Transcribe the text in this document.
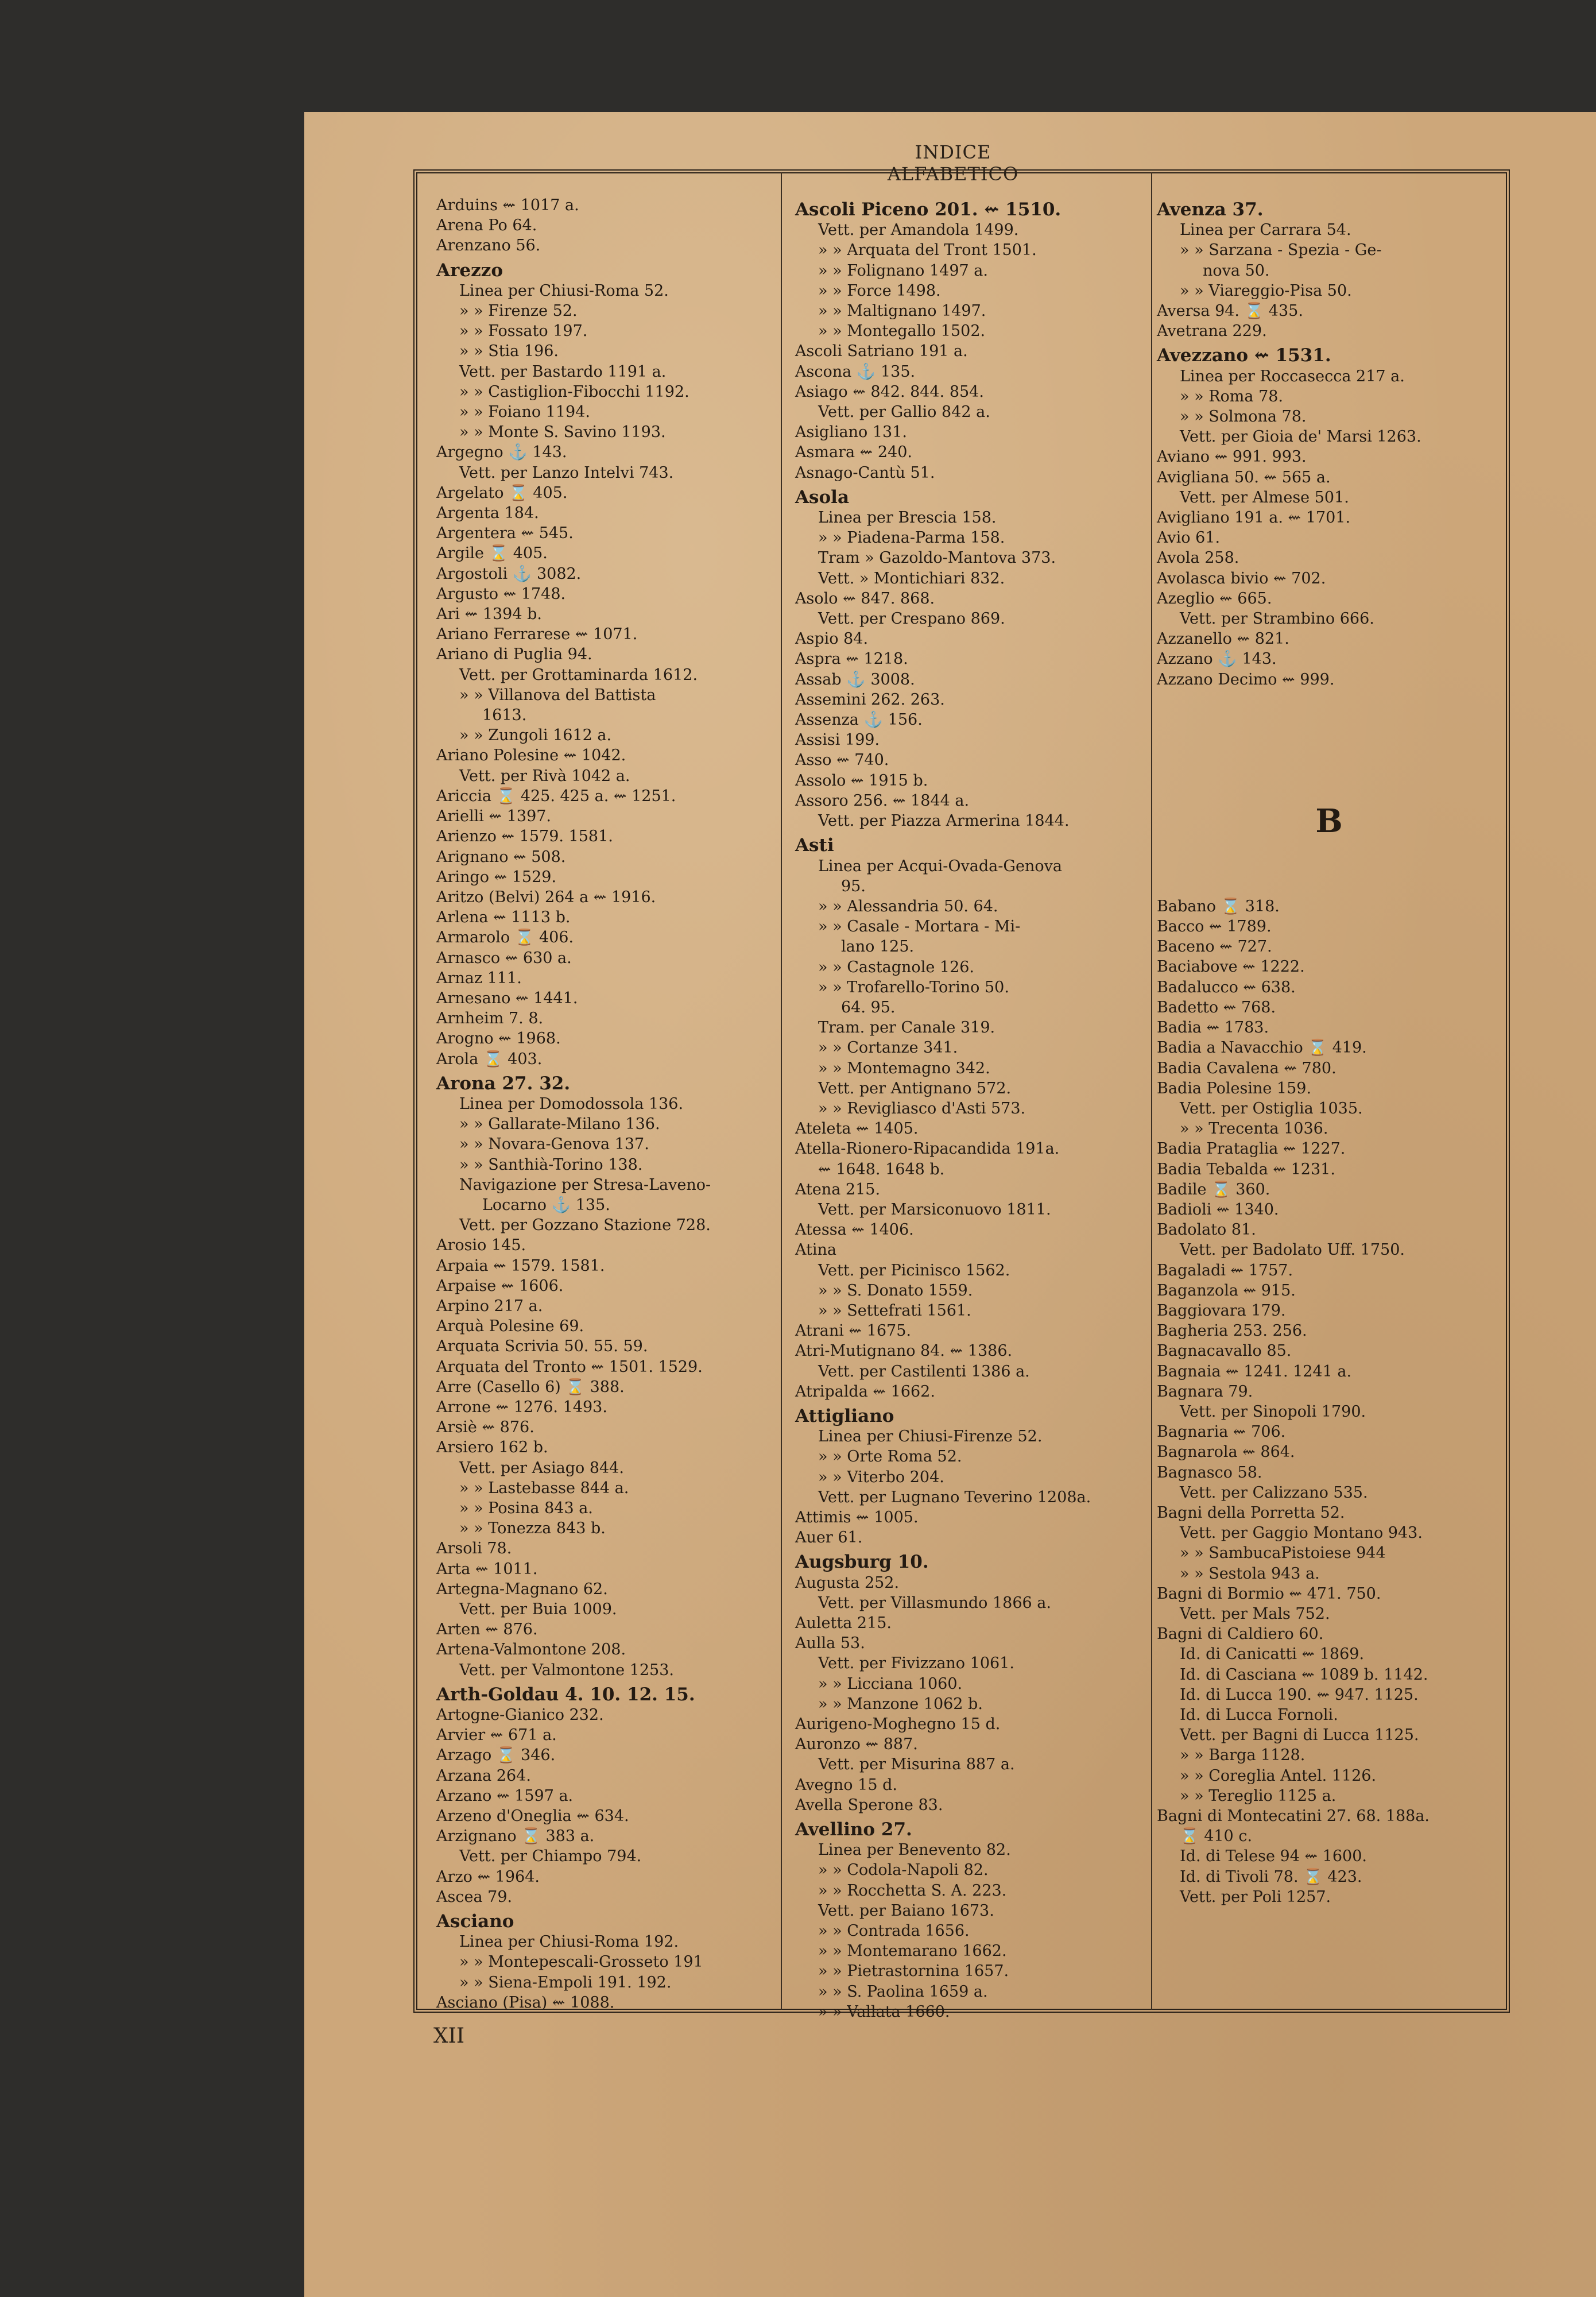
INDICE ALFABETICO
Arduins ⇜ 1017 a.
Arena Po 64.
Arenzano 56.
Arezzo
Linea per Chiusi-Roma 52.
» » Firenze 52.
» » Fossato 197.
» » Stia 196.
Vett. per Bastardo 1191 a.
» » Castiglion-Fibocchi 1192.
» » Foiano 1194.
» » Monte S. Savino 1193.
Argegno ⚓ 143.
Vett. per Lanzo Intelvi 743.
Argelato ⌛ 405.
Argenta 184.
Argentera ⇜ 545.
Argile ⌛ 405.
Argostoli ⚓ 3082.
Argusto ⇜ 1748.
Ari ⇜ 1394 b.
Ariano Ferrarese ⇜ 1071.
Ariano di Puglia 94.
Vett. per Grottaminarda 1612.
» » Villanova del Battista
1613.
» » Zungoli 1612 a.
Ariano Polesine ⇜ 1042.
Vett. per Rivà 1042 a.
Ariccia ⌛ 425. 425 a. ⇜ 1251.
Arielli ⇜ 1397.
Arienzo ⇜ 1579. 1581.
Arignano ⇜ 508.
Aringo ⇜ 1529.
Aritzo (Belvi) 264 a ⇜ 1916.
Arlena ⇜ 1113 b.
Armarolo ⌛ 406.
Arnasco ⇜ 630 a.
Arnaz 111.
Arnesano ⇜ 1441.
Arnheim 7. 8.
Arogno ⇜ 1968.
Arola ⌛ 403.
Arona 27. 32.
Linea per Domodossola 136.
» » Gallarate-Milano 136.
» » Novara-Genova 137.
» » Santhià-Torino 138.
Navigazione per Stresa-Laveno-
Locarno ⚓ 135.
Vett. per Gozzano Stazione 728.
Arosio 145.
Arpaia ⇜ 1579. 1581.
Arpaise ⇜ 1606.
Arpino 217 a.
Arquà Polesine 69.
Arquata Scrivia 50. 55. 59.
Arquata del Tronto ⇜ 1501. 1529.
Arre (Casello 6) ⌛ 388.
Arrone ⇜ 1276. 1493.
Arsiè ⇜ 876.
Arsiero 162 b.
Vett. per Asiago 844.
» » Lastebasse 844 a.
» » Posina 843 a.
» » Tonezza 843 b.
Arsoli 78.
Arta ⇜ 1011.
Artegna-Magnano 62.
Vett. per Buia 1009.
Arten ⇜ 876.
Artena-Valmontone 208.
Vett. per Valmontone 1253.
Arth-Goldau 4. 10. 12. 15.
Artogne-Gianico 232.
Arvier ⇜ 671 a.
Arzago ⌛ 346.
Arzana 264.
Arzano ⇜ 1597 a.
Arzeno d'Oneglia ⇜ 634.
Arzignano ⌛ 383 a.
Vett. per Chiampo 794.
Arzo ⇜ 1964.
Ascea 79.
Asciano
Linea per Chiusi-Roma 192.
» » Montepescali-Grosseto 191
» » Siena-Empoli 191. 192.
Asciano (Pisa) ⇜ 1088.
Ascoli Piceno 201. ⇜ 1510.
Vett. per Amandola 1499.
» » Arquata del Tront 1501.
» » Folignano 1497 a.
» » Force 1498.
» » Maltignano 1497.
» » Montegallo 1502.
Ascoli Satriano 191 a.
Ascona ⚓ 135.
Asiago ⇜ 842. 844. 854.
Vett. per Gallio 842 a.
Asigliano 131.
Asmara ⇜ 240.
Asnago-Cantù 51.
Asola
Linea per Brescia 158.
» » Piadena-Parma 158.
Tram » Gazoldo-Mantova 373.
Vett. » Montichiari 832.
Asolo ⇜ 847. 868.
Vett. per Crespano 869.
Aspio 84.
Aspra ⇜ 1218.
Assab ⚓ 3008.
Assemini 262. 263.
Assenza ⚓ 156.
Assisi 199.
Asso ⇜ 740.
Assolo ⇜ 1915 b.
Assoro 256. ⇜ 1844 a.
Vett. per Piazza Armerina 1844.
Asti
Linea per Acqui-Ovada-Genova
95.
» » Alessandria 50. 64.
» » Casale - Mortara - Mi-
lano 125.
» » Castagnole 126.
» » Trofarello-Torino 50.
64. 95.
Tram. per Canale 319.
» » Cortanze 341.
» » Montemagno 342.
Vett. per Antignano 572.
» » Revigliasco d'Asti 573.
Ateleta ⇜ 1405.
Atella-Rionero-Ripacandida 191a.
⇜ 1648. 1648 b.
Atena 215.
Vett. per Marsiconuovo 1811.
Atessa ⇜ 1406.
Atina
Vett. per Picinisco 1562.
» » S. Donato 1559.
» » Settefrati 1561.
Atrani ⇜ 1675.
Atri-Mutignano 84. ⇜ 1386.
Vett. per Castilenti 1386 a.
Atripalda ⇜ 1662.
Attigliano
Linea per Chiusi-Firenze 52.
» » Orte Roma 52.
» » Viterbo 204.
Vett. per Lugnano Teverino 1208a.
Attimis ⇜ 1005.
Auer 61.
Augsburg 10.
Augusta 252.
Vett. per Villasmundo 1866 a.
Auletta 215.
Aulla 53.
Vett. per Fivizzano 1061.
» » Licciana 1060.
» » Manzone 1062 b.
Aurigeno-Moghegno 15 d.
Auronzo ⇜ 887.
Vett. per Misurina 887 a.
Avegno 15 d.
Avella Sperone 83.
Avellino 27.
Linea per Benevento 82.
» » Codola-Napoli 82.
» » Rocchetta S. A. 223.
Vett. per Baiano 1673.
» » Contrada 1656.
» » Montemarano 1662.
» » Pietrastornina 1657.
» » S. Paolina 1659 a.
» » Vallata 1660.
Avenza 37.
Linea per Carrara 54.
» » Sarzana - Spezia - Ge-
nova 50.
» » Viareggio-Pisa 50.
Aversa 94. ⌛ 435.
Avetrana 229.
Avezzano ⇜ 1531.
Linea per Roccasecca 217 a.
» » Roma 78.
» » Solmona 78.
Vett. per Gioia de' Marsi 1263.
Aviano ⇜ 991. 993.
Avigliana 50. ⇜ 565 a.
Vett. per Almese 501.
Avigliano 191 a. ⇜ 1701.
Avio 61.
Avola 258.
Avolasca bivio ⇜ 702.
Azeglio ⇜ 665.
Vett. per Strambino 666.
Azzanello ⇜ 821.
Azzano ⚓ 143.
Azzano Decimo ⇜ 999.
B
Babano ⌛ 318.
Bacco ⇜ 1789.
Baceno ⇜ 727.
Baciabove ⇜ 1222.
Badalucco ⇜ 638.
Badetto ⇜ 768.
Badia ⇜ 1783.
Badia a Navacchio ⌛ 419.
Badia Cavalena ⇜ 780.
Badia Polesine 159.
Vett. per Ostiglia 1035.
» » Trecenta 1036.
Badia Prataglia ⇜ 1227.
Badia Tebalda ⇜ 1231.
Badile ⌛ 360.
Badioli ⇜ 1340.
Badolato 81.
Vett. per Badolato Uff. 1750.
Bagaladi ⇜ 1757.
Baganzola ⇜ 915.
Baggiovara 179.
Bagheria 253. 256.
Bagnacavallo 85.
Bagnaia ⇜ 1241. 1241 a.
Bagnara 79.
Vett. per Sinopoli 1790.
Bagnaria ⇜ 706.
Bagnarola ⇜ 864.
Bagnasco 58.
Vett. per Calizzano 535.
Bagni della Porretta 52.
Vett. per Gaggio Montano 943.
» » SambucaPistoiese 944
» » Sestola 943 a.
Bagni di Bormio ⇜ 471. 750.
Vett. per Mals 752.
Bagni di Caldiero 60.
Id. di Canicatti ⇜ 1869.
Id. di Casciana ⇜ 1089 b. 1142.
Id. di Lucca 190. ⇜ 947. 1125.
Id. di Lucca Fornoli.
Vett. per Bagni di Lucca 1125.
» » Barga 1128.
» » Coreglia Antel. 1126.
» » Tereglio 1125 a.
Bagni di Montecatini 27. 68. 188a.
⌛ 410 c.
Id. di Telese 94 ⇜ 1600.
Id. di Tivoli 78. ⌛ 423.
Vett. per Poli 1257.
XII
